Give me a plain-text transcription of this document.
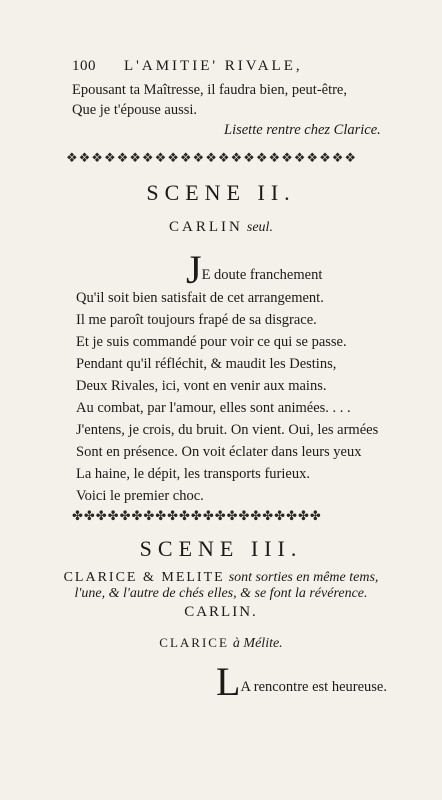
100 L'AMITIE' RIVALE,
Epousant ta Maîtresse, il faudra bien, peut-être,
Que je t'épouse aussi.
Lisette rentre chez Clarice.
❖❖❖❖❖❖❖❖❖❖❖❖❖❖❖❖❖❖❖❖❖❖❖
SCENE II.
CARLIN seul.
JE doute franchement
Qu'il soit bien satisfait de cet arrangement.
Il me paroît toujours frapé de sa disgrace.
Et je suis commandé pour voir ce qui se passe.
Pendant qu'il réfléchit, & maudit les Destins,
Deux Rivales, ici, vont en venir aux mains.
Au combat, par l'amour, elles sont animées. . . .
J'entens, je crois, du bruit. On vient. Oui, les armées
Sont en présence. On voit éclater dans leurs yeux
La haine, le dépit, les transports furieux.
Voici le premier choc.
✤✤✤✤✤✤✤✤✤✤✤✤✤✤✤✤✤✤✤✤✤
SCENE III.
CLARICE & MELITE sont sorties en même tems,
l'une, & l'autre de chés elles, & se font la révérence.
CARLIN.
CLARICE à Mélite.
LA rencontre est heureuse.
